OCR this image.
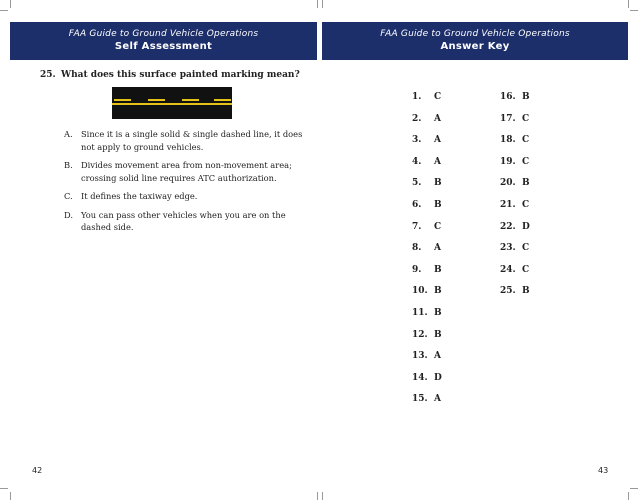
FAA Guide to Ground Vehicle Operations
Self Assessment
FAA Guide to Ground Vehicle Operations
Answer Key
25. What does this surface painted marking mean?
A. Since it is a single solid & single dashed line, it does not apply to ground vehicles.
B. Divides movement area from non-movement area; crossing solid line requires ATC authorization.
C. It defines the taxiway edge.
D. You can pass other vehicles when you are on the dashed side.
1. C
2. A
3. A
4. A
5. B
6. B
7. C
8. A
9. B
10. B
11. B
12. B
13. A
14. D
15. A
16. B
17. C
18. C
19. C
20. B
21. C
22. D
23. C
24. C
25. B
42	43
